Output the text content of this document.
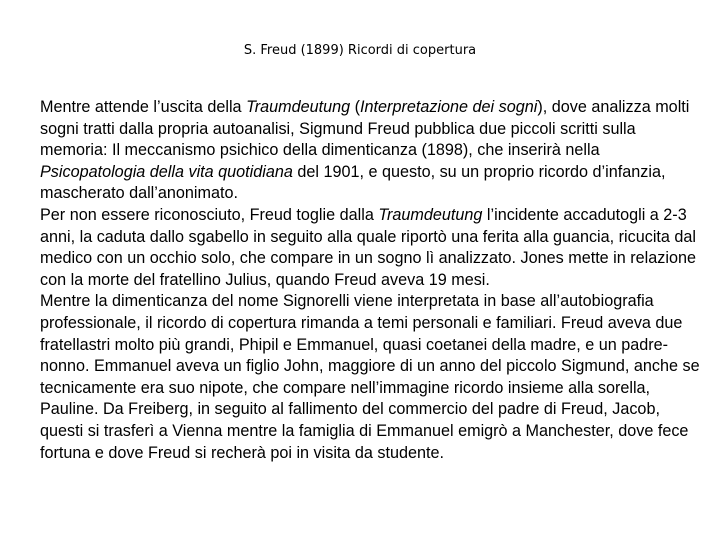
S. Freud (1899) Ricordi di copertura

Mentre attende l’uscita della Traumdeutung (Interpretazione dei sogni), dove analizza molti sogni tratti dalla propria autoanalisi, Sigmund Freud pubblica due piccoli scritti sulla memoria: Il meccanismo psichico della dimenticanza (1898), che inserirà nella Psicopatologia della vita quotidiana del 1901, e questo, su un proprio ricordo d’infanzia, mascherato dall’anonimato.

Per non essere riconosciuto, Freud toglie dalla Traumdeutung l’incidente accadutogli a 2-3 anni, la caduta dallo sgabello in seguito alla quale riportò una ferita alla guancia, ricucita dal medico con un occhio solo, che compare in un sogno lì analizzato. Jones mette in relazione con la morte del fratellino Julius, quando Freud aveva 19 mesi.

Mentre la dimenticanza del nome Signorelli viene interpretata in base all’autobiografia professionale, il ricordo di copertura rimanda a temi personali e familiari. Freud aveva due fratellastri molto più grandi, Phipil e Emmanuel, quasi coetanei della madre, e un padre-nonno. Emmanuel aveva un figlio John, maggiore di un anno del piccolo Sigmund, anche se tecnicamente era suo nipote, che compare nell’immagine ricordo insieme alla sorella, Pauline. Da Freiberg, in seguito al fallimento del commercio del padre di Freud, Jacob, questi si trasferì a Vienna mentre la famiglia di Emmanuel emigrò a Manchester, dove fece fortuna e dove Freud si recherà poi in visita da studente.
